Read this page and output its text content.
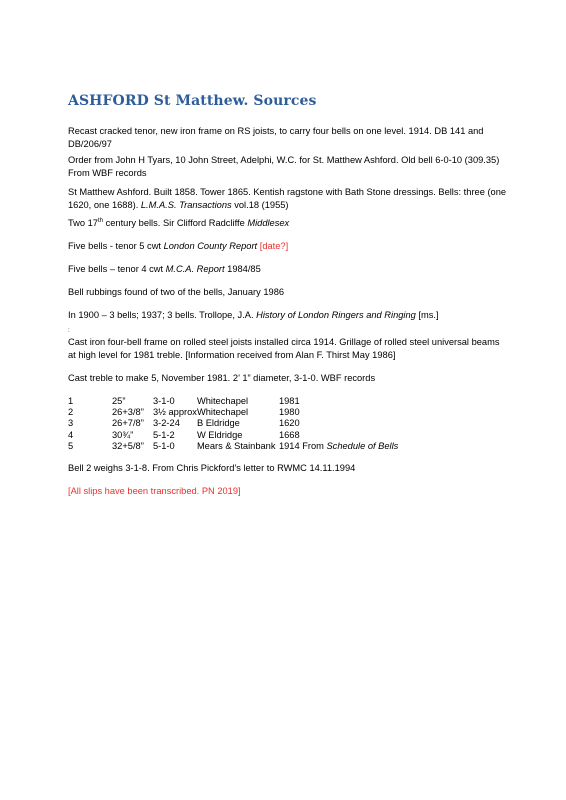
ASHFORD St Matthew. Sources

Recast cracked tenor, new iron frame on RS joists, to carry four bells on one level. 1914. DB 141 and DB/206/97

Order from John H Tyars, 10 John Street, Adelphi, W.C. for St. Matthew Ashford. Old bell 6-0-10 (309.35) From WBF records

St Matthew Ashford. Built 1858. Tower 1865. Kentish ragstone with Bath Stone dressings. Bells: three (one 1620, one 1688). L.M.A.S. Transactions vol.18 (1955)

Two 17th century bells. Sir Clifford Radcliffe Middlesex

Five bells - tenor 5 cwt London County Report [date?]

Five bells – tenor 4 cwt M.C.A. Report 1984/85

Bell rubbings found of two of the bells, January 1986

In 1900 – 3 bells; 1937; 3 bells. Trollope, J.A. History of London Ringers and Ringing [ms.]

:

Cast iron four-bell frame on rolled steel joists installed circa 1914. Grillage of rolled steel universal beams at high level for 1981 treble. [Information received from Alan F. Thirst May 1986]

Cast treble to make 5, November 1981. 2’ 1” diameter, 3-1-0. WBF records

1	25”	3-1-0	Whitechapel	1981
2	26+3/8”	3½ approx	Whitechapel	1980
3	26+7/8”	3-2-24	B Eldridge	1620
4	30¾”	5-1-2	W Eldridge	1668
5	32+5/8”	5-1-0	Mears & Stainbank	1914 From Schedule of Bells

Bell 2 weighs 3-1-8. From Chris Pickford’s letter to RWMC 14.11.1994

[All slips have been transcribed. PN 2019]
